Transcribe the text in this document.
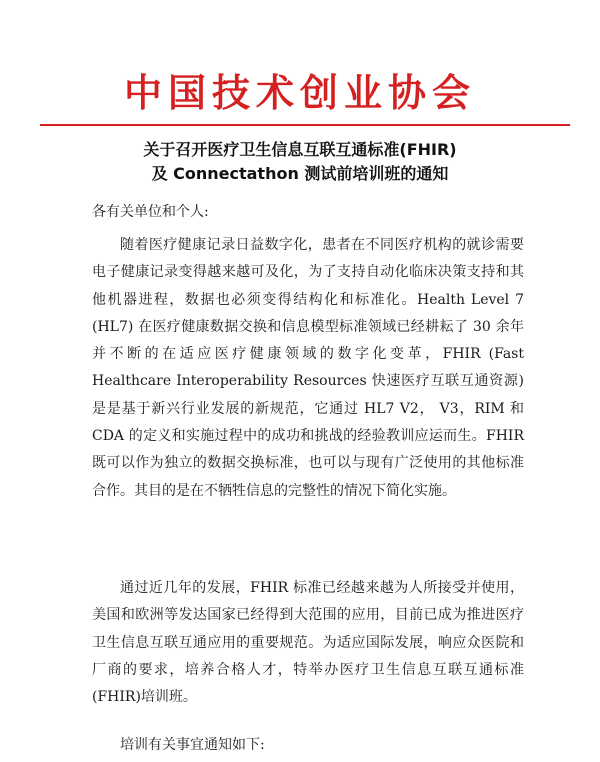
中国技术创业协会
关于召开医疗卫生信息互联互通标准(FHIR)
及 Connectathon 测试前培训班的通知
各有关单位和个人:
随着医疗健康记录日益数字化，患者在不同医疗机构的就诊需要电子健康记录变得越来越可及化，为了支持自动化临床决策支持和其他机器进程，数据也必须变得结构化和标准化。Health Level 7 (HL7) 在医疗健康数据交换和信息模型标准领域已经耕耘了 30 余年并不断的在适应医疗健康领域的数字化变革，FHIR (Fast Healthcare Interoperability Resources 快速医疗互联互通资源)是是基于新兴行业发展的新规范，它通过 HL7 V2， V3，RIM 和 CDA 的定义和实施过程中的成功和挑战的经验教训应运而生。FHIR 既可以作为独立的数据交换标准，也可以与现有广泛使用的其他标准合作。其目的是在不牺牲信息的完整性的情况下简化实施。
通过近几年的发展，FHIR 标准已经越来越为人所接受并使用，美国和欧洲等发达国家已经得到大范围的应用，目前已成为推进医疗卫生信息互联互通应用的重要规范。为适应国际发展，响应众医院和厂商的要求，培养合格人才，特举办医疗卫生信息互联互通标准(FHIR)培训班。
培训有关事宜通知如下:
